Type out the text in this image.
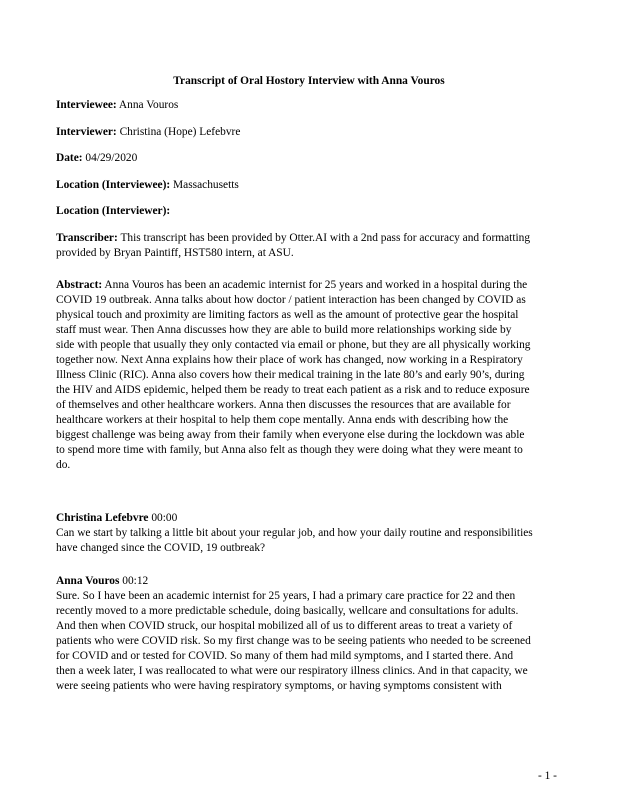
Transcript of Oral Hostory Interview with Anna Vouros
Interviewee: Anna Vouros
Interviewer: Christina (Hope) Lefebvre
Date: 04/29/2020
Location (Interviewee): Massachusetts
Location (Interviewer):
Transcriber: This transcript has been provided by Otter.AI with a 2nd pass for accuracy and formatting
provided by Bryan Paintiff, HST580 intern, at ASU.
Abstract: Anna Vouros has been an academic internist for 25 years and worked in a hospital during the
COVID 19 outbreak. Anna talks about how doctor / patient interaction has been changed by COVID as
physical touch and proximity are limiting factors as well as the amount of protective gear the hospital
staff must wear. Then Anna discusses how they are able to build more relationships working side by
side with people that usually they only contacted via email or phone, but they are all physically working
together now. Next Anna explains how their place of work has changed, now working in a Respiratory
Illness Clinic (RIC). Anna also covers how their medical training in the late 80’s and early 90’s, during
the HIV and AIDS epidemic, helped them be ready to treat each patient as a risk and to reduce exposure
of themselves and other healthcare workers. Anna then discusses the resources that are available for
healthcare workers at their hospital to help them cope mentally. Anna ends with describing how the
biggest challenge was being away from their family when everyone else during the lockdown was able
to spend more time with family, but Anna also felt as though they were doing what they were meant to
do.
Christina Lefebvre 00:00
Can we start by talking a little bit about your regular job, and how your daily routine and responsibilities
have changed since the COVID, 19 outbreak?
Anna Vouros 00:12
Sure. So I have been an academic internist for 25 years, I had a primary care practice for 22 and then
recently moved to a more predictable schedule, doing basically, wellcare and consultations for adults.
And then when COVID struck, our hospital mobilized all of us to different areas to treat a variety of
patients who were COVID risk. So my first change was to be seeing patients who needed to be screened
for COVID and or tested for COVID. So many of them had mild symptoms, and I started there. And
then a week later, I was reallocated to what were our respiratory illness clinics. And in that capacity, we
were seeing patients who were having respiratory symptoms, or having symptoms consistent with
- 1 -
